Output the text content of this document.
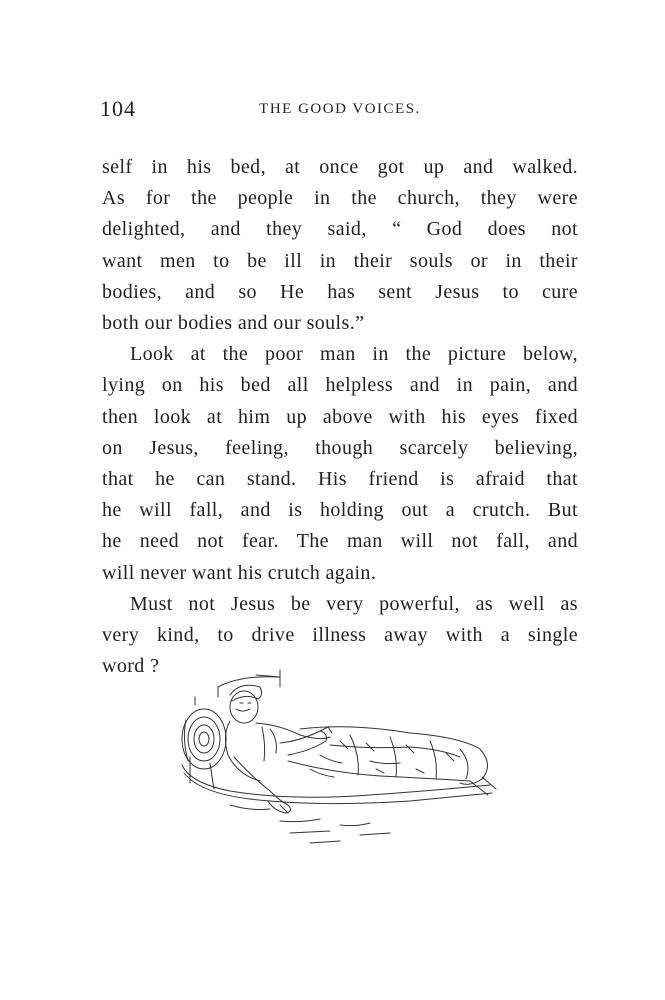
104	THE GOOD VOICES.
self in his bed, at once got up and walked.
As for the people in the church, they were
delighted, and they said, “ God does not
want men to be ill in their souls or in their
bodies, and so He has sent Jesus to cure
both our bodies and our souls.”
Look at the poor man in the picture below,
lying on his bed all helpless and in pain, and
then look at him up above with his eyes fixed
on Jesus, feeling, though scarcely believing,
that he can stand. His friend is afraid that
he will fall, and is holding out a crutch. But
he need not fear. The man will not fall, and
will never want his crutch again.
Must not Jesus be very powerful, as well as
very kind, to drive illness away with a single
word ?
